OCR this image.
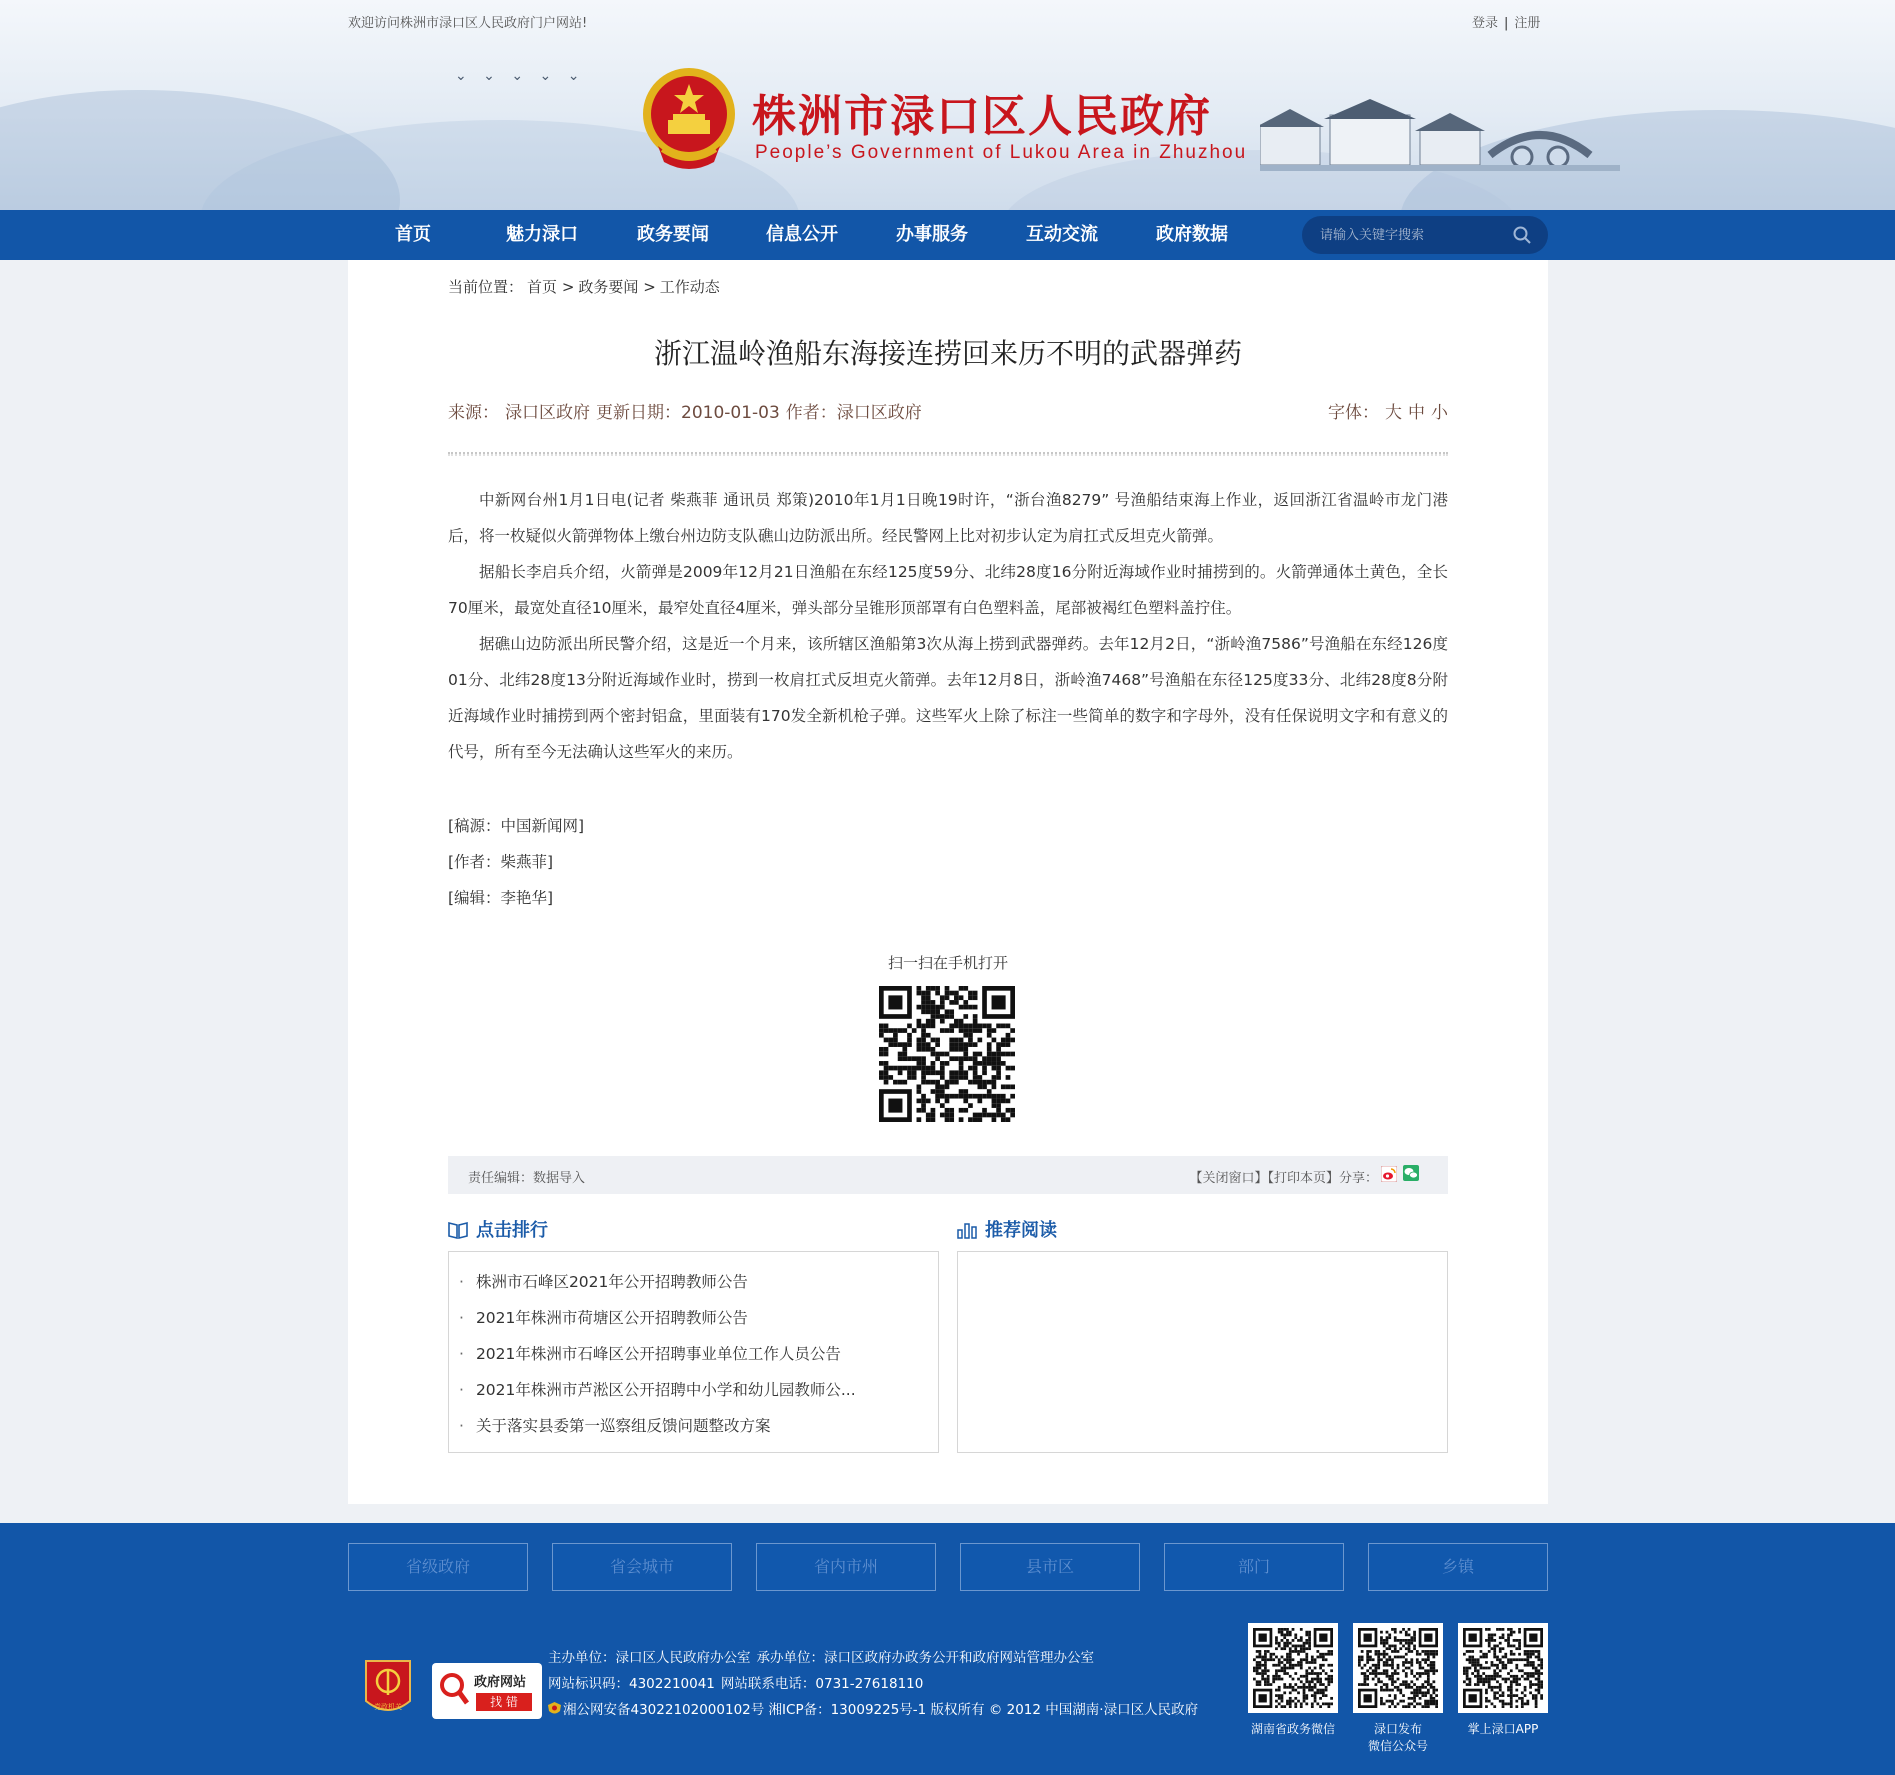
欢迎访问株洲市渌口区人民政府门户网站!	登录 | 注册
⌄ ⌄ ⌄ ⌄ ⌄
株洲市渌口区人民政府
People’s Government of Lukou Area in Zhuzhou
首页	魅力渌口	政务要闻	信息公开	办事服务	互动交流	政府数据
请输入关键字搜索
当前位置： 首页 > 政务要闻 > 工作动态
浙江温岭渔船东海接连捞回来历不明的武器弹药
来源： 渌口区政府 更新日期：2010-01-03 作者：渌口区政府	字体： 大 中 小

中新网台州1月1日电(记者 柴燕菲 通讯员 郑策)2010年1月1日晚19时许，“浙台渔8279” 号渔船结束海上作业，返回浙江省温岭市龙门港后，将一枚疑似火箭弹物体上缴台州边防支队礁山边防派出所。经民警网上比对初步认定为肩扛式反坦克火箭弹。

据船长李启兵介绍，火箭弹是2009年12月21日渔船在东经125度59分、北纬28度16分附近海域作业时捕捞到的。火箭弹通体土黄色，全长70厘米，最宽处直径10厘米，最窄处直径4厘米，弹头部分呈锥形顶部罩有白色塑料盖，尾部被褐红色塑料盖拧住。

据礁山边防派出所民警介绍，这是近一个月来，该所辖区渔船第3次从海上捞到武器弹药。去年12月2日，“浙岭渔7586”号渔船在东经126度01分、北纬28度13分附近海域作业时，捞到一枚肩扛式反坦克火箭弹。去年12月8日，浙岭渔7468”号渔船在东径125度33分、北纬28度8分附近海域作业时捕捞到两个密封铝盒，里面装有170发全新机枪子弹。这些军火上除了标注一些简单的数字和字母外，没有任保说明文字和有意义的代号，所有至今无法确认这些军火的来历。

[稿源：中国新闻网]
[作者：柴燕菲]
[编辑：李艳华]
扫一扫在手机打开
责任编辑：数据导入	【关闭窗口】【打印本页】分享：
点击排行
· 株洲市石峰区2021年公开招聘教师公告
· 2021年株洲市荷塘区公开招聘教师公告
· 2021年株洲市石峰区公开招聘事业单位工作人员公告
· 2021年株洲市芦淞区公开招聘中小学和幼儿园教师公...
· 关于落实县委第一巡察组反馈问题整改方案
推荐阅读
省级政府	省会城市	省内市州	县市区	部门	乡镇
党政机关
政府网站
找 错
主办单位：渌口区人民政府办公室 承办单位：渌口区政府办政务公开和政府网站管理办公室
网站标识码：4302210041 网站联系电话：0731-27618110
湘公网安备43022102000102号 湘ICP备：13009225号-1 版权所有 © 2012 中国湖南·渌口区人民政府
湖南省政务微信	渌口发布
微信公众号
掌上渌口APP
